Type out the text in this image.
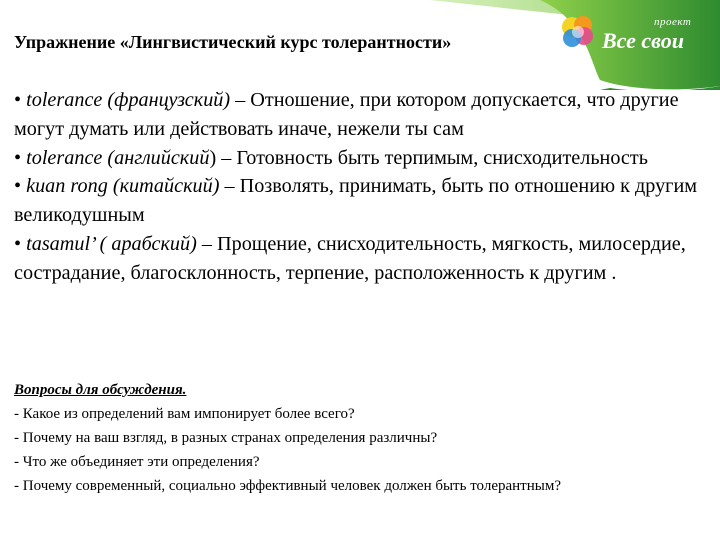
проект
Все свои
Упражнение «Лингвистический курс толерантности»

• tolerance (французский) – Отношение, при котором допускается, что другие могут думать или действовать иначе, нежели ты сам

• tolerance (английский) – Готовность быть терпимым, снисходительность

• kuan rong (китайский) – Позволять, принимать, быть по отношению к другим великодушным

• tasamul’ ( арабский) – Прощение, снисходительность, мягкость, милосердие, сострадание, благосклонность, терпение, расположенность к другим .

Вопросы для обсуждения.

- Какое из определений вам импонирует более всего?

- Почему на ваш взгляд, в разных странах определения различны?

- Что же объединяет эти определения?

- Почему современный, социально эффективный человек должен быть толерантным?
